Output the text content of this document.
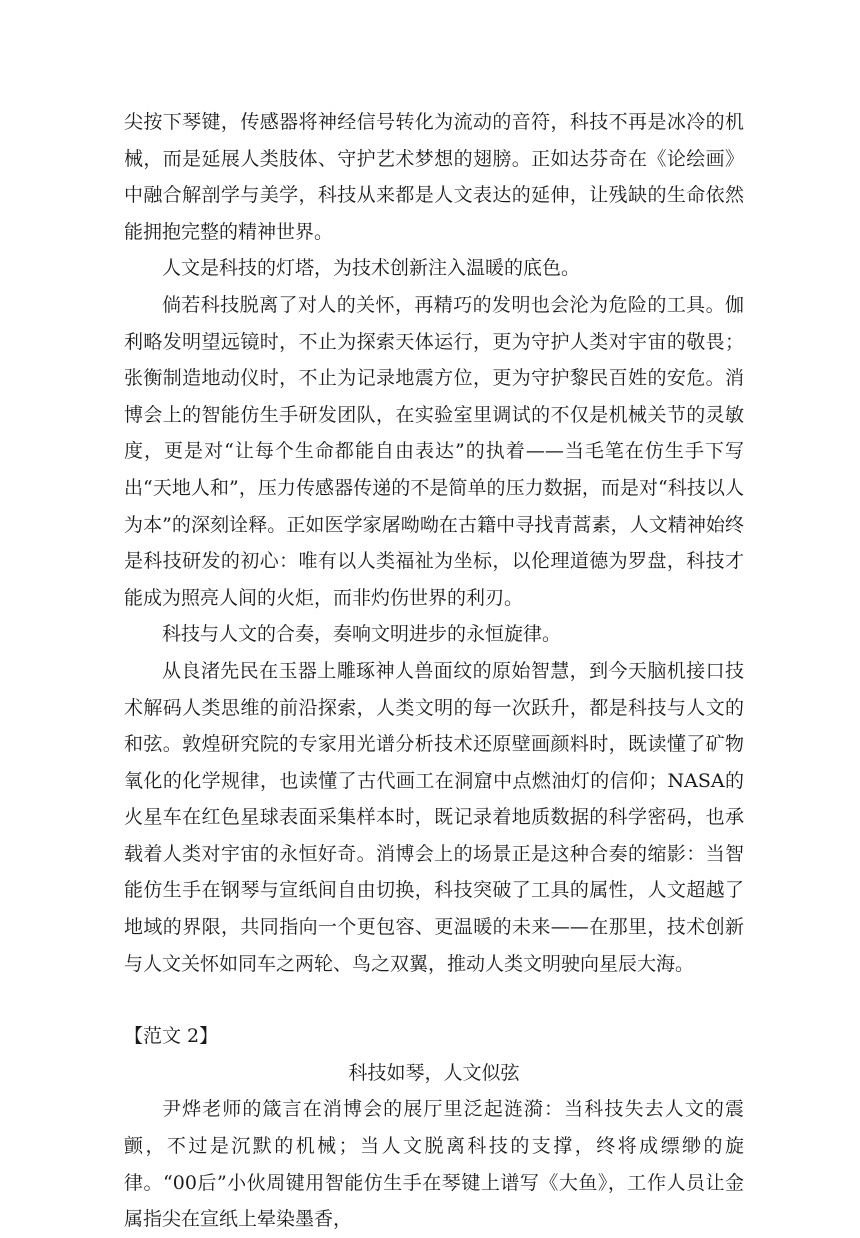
尖按下琴键，传感器将神经信号转化为流动的音符，科技不再是冰冷的机械，而是延展人类肢体、守护艺术梦想的翅膀。正如达芬奇在《论绘画》中融合解剖学与美学，科技从来都是人文表达的延伸，让残缺的生命依然能拥抱完整的精神世界。

人文是科技的灯塔，为技术创新注入温暖的底色。

倘若科技脱离了对人的关怀，再精巧的发明也会沦为危险的工具。伽利略发明望远镜时，不止为探索天体运行，更为守护人类对宇宙的敬畏；张衡制造地动仪时，不止为记录地震方位，更为守护黎民百姓的安危。消博会上的智能仿生手研发团队，在实验室里调试的不仅是机械关节的灵敏度，更是对“让每个生命都能自由表达”的执着——当毛笔在仿生手下写出“天地人和”，压力传感器传递的不是简单的压力数据，而是对“科技以人为本”的深刻诠释。正如医学家屠呦呦在古籍中寻找青蒿素，人文精神始终是科技研发的初心：唯有以人类福祉为坐标，以伦理道德为罗盘，科技才能成为照亮人间的火炬，而非灼伤世界的利刃。

科技与人文的合奏，奏响文明进步的永恒旋律。

从良渚先民在玉器上雕琢神人兽面纹的原始智慧，到今天脑机接口技术解码人类思维的前沿探索，人类文明的每一次跃升，都是科技与人文的和弦。敦煌研究院的专家用光谱分析技术还原壁画颜料时，既读懂了矿物氧化的化学规律，也读懂了古代画工在洞窟中点燃油灯的信仰；NASA的火星车在红色星球表面采集样本时，既记录着地质数据的科学密码，也承载着人类对宇宙的永恒好奇。消博会上的场景正是这种合奏的缩影：当智能仿生手在钢琴与宣纸间自由切换，科技突破了工具的属性，人文超越了地域的界限，共同指向一个更包容、更温暖的未来——在那里，技术创新与人文关怀如同车之两轮、鸟之双翼，推动人类文明驶向星辰大海。

【范文 2】

科技如琴，人文似弦

尹烨老师的箴言在消博会的展厅里泛起涟漪：当科技失去人文的震颤，不过是沉默的机械；当人文脱离科技的支撑，终将成缥缈的旋律。“00后”小伙周键用智能仿生手在琴键上谱写《大鱼》，工作人员让金属指尖在宣纸上晕染墨香，
